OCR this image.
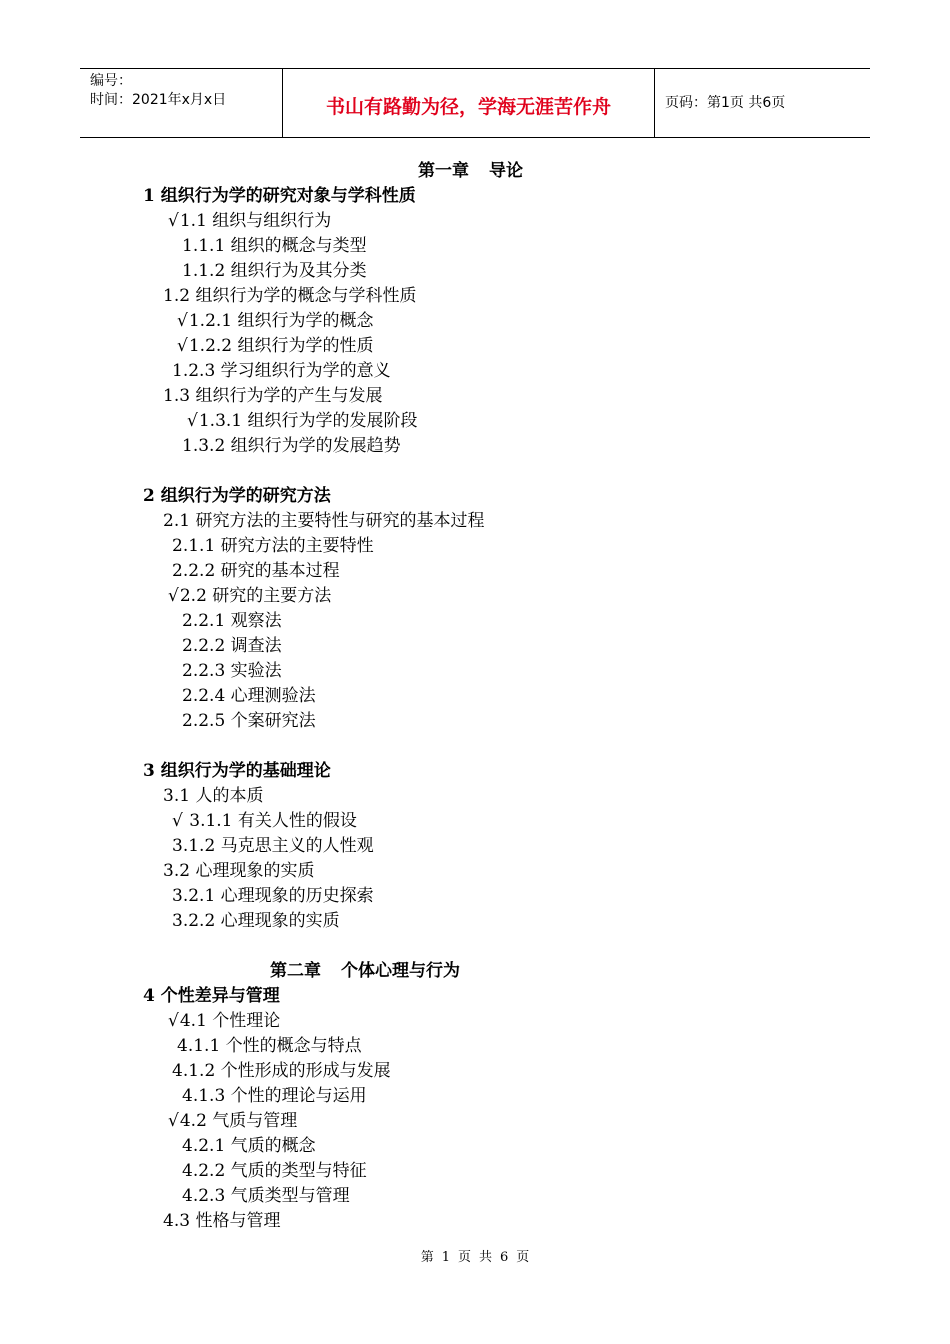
编号：
时间：2021年x月x日	书山有路勤为径，学海无涯苦作舟	页码：第1页 共6页
第一章 导论
1 组织行为学的研究对象与学科性质
√1.1 组织与组织行为
1.1.1 组织的概念与类型
1.1.2 组织行为及其分类
1.2 组织行为学的概念与学科性质
√1.2.1 组织行为学的概念
√1.2.2 组织行为学的性质
1.2.3 学习组织行为学的意义
1.3 组织行为学的产生与发展
√1.3.1 组织行为学的发展阶段
1.3.2 组织行为学的发展趋势
2 组织行为学的研究方法
2.1 研究方法的主要特性与研究的基本过程
2.1.1 研究方法的主要特性
2.2.2 研究的基本过程
√2.2 研究的主要方法
2.2.1 观察法
2.2.2 调查法
2.2.3 实验法
2.2.4 心理测验法
2.2.5 个案研究法
3 组织行为学的基础理论
3.1 人的本质
√ 3.1.1 有关人性的假设
3.1.2 马克思主义的人性观
3.2 心理现象的实质
3.2.1 心理现象的历史探索
3.2.2 心理现象的实质
第二章 个体心理与行为
4 个性差异与管理
√4.1 个性理论
4.1.1 个性的概念与特点
4.1.2 个性形成的形成与发展
4.1.3 个性的理论与运用
√4.2 气质与管理
4.2.1 气质的概念
4.2.2 气质的类型与特征
4.2.3 气质类型与管理
4.3 性格与管理
第 1 页 共 6 页
